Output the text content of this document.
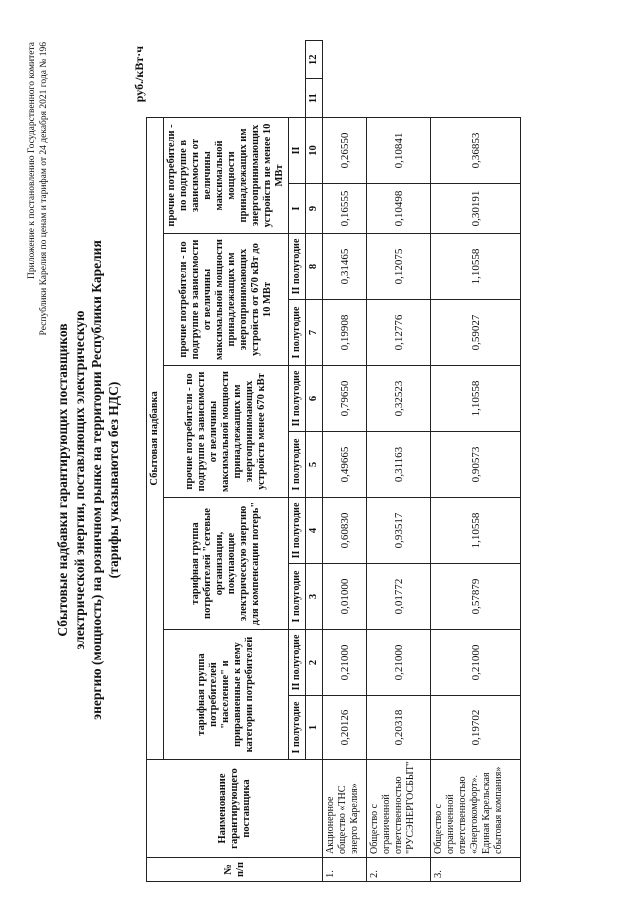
Приложение к постановлению Государственного комитета Республики Карелия по ценам и тарифам от 24 декабря 2021 года № 196
Сбытовые надбавки гарантирующих поставщиков электрической энергии, поставляющих электрическую энергию (мощность) на розничном рынке на территории Республики Карелия (тарифы указываются без НДС)
руб./кВт·ч
№ п/п	Наименование гарантирующего поставщика	Сбытовая надбавка											
		тарифная группа потребителей "население" и приравненные к нему категории потребителей		тарифная группа потребителей "сетевые организации, покупающие электрическую энергию для компенсации потерь"		прочие потребители - по подгруппе в зависимости от величины максимальной мощности принадлежащих им энергопринимающих устройств менее 670 кВт		прочие потребители - по подгруппе в зависимости от величины максимальной мощности принадлежащих им энергопринимающих устройств от 670 кВт до 10 МВт		прочие потребители - по подгруппе в зависимости от величины максимальной мощности принадлежащих им энергопринимающих устройств не менее 10 МВт			
		I полугодие	II полугодие	I полугодие	II полугодие	I полугодие	II полугодие	I полугодие	II полугодие	I	II		
		1	2	3	4	5	6	7	8	9	10	11	12
1.	Акционерное общество «ТНС энерго Карелия»	0,20126	0,21000	0,01000	0,60830	0,49665	0,79650	0,19908	0,31465	0,16555	0,26550		
2.	Общество с ограниченной ответственностью "РУСЭНЕРГОСБЫТ"	0,20318	0,21000	0,01772	0,93517	0,31163	0,32523	0,12776	0,12075	0,10498	0,10841		
3.	Общество с ограниченной ответственностью «Энергокомфорт». Единая Карельская сбытовая компания»	0,19702	0,21000	0,57879	1,10558	0,90573	1,10558	0,59027	1,10558	0,30191	0,36853		
